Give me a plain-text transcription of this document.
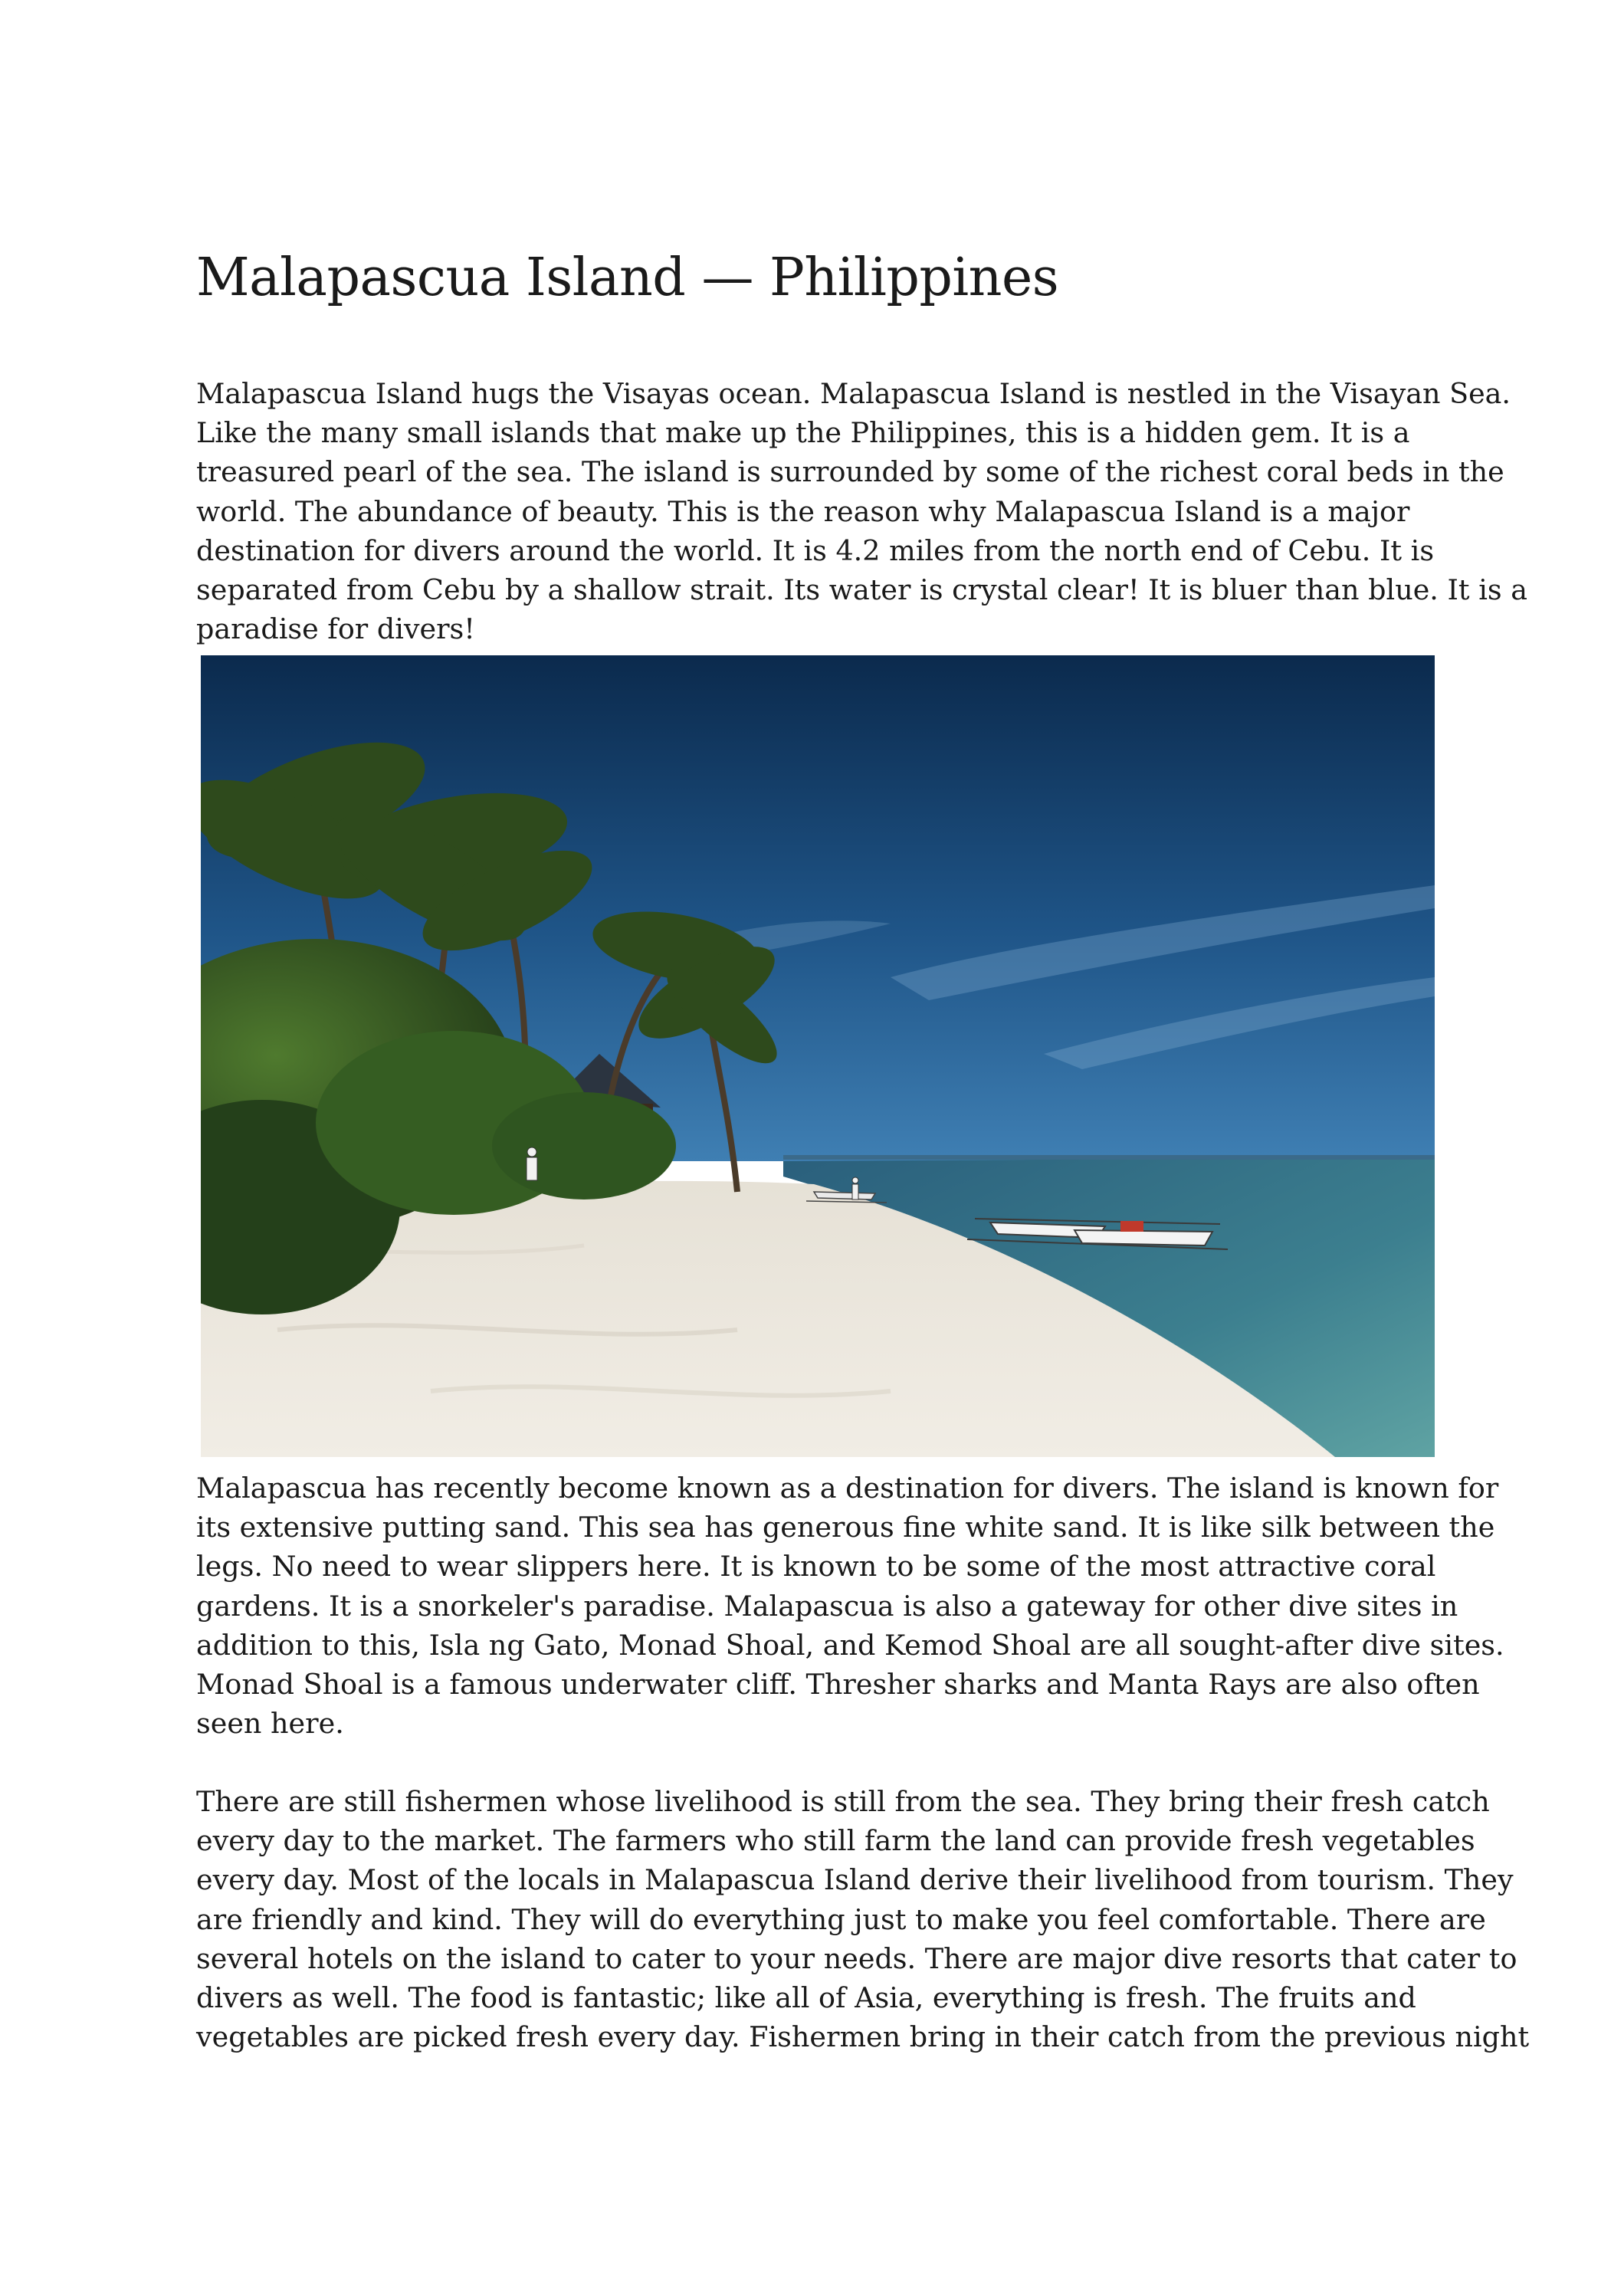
Malapascua Island — Philippines

Malapascua Island hugs the Visayas ocean. Malapascua Island is nestled in the Visayan Sea.
Like the many small islands that make up the Philippines, this is a hidden gem. It is a
treasured pearl of the sea. The island is surrounded by some of the richest coral beds in the
world. The abundance of beauty. This is the reason why Malapascua Island is a major
destination for divers around the world. It is 4.2 miles from the north end of Cebu. It is
separated from Cebu by a shallow strait. Its water is crystal clear! It is bluer than blue. It is a
paradise for divers!

Malapascua has recently become known as a destination for divers. The island is known for
its extensive putting sand. This sea has generous fine white sand. It is like silk between the
legs. No need to wear slippers here. It is known to be some of the most attractive coral
gardens. It is a snorkeler's paradise. Malapascua is also a gateway for other dive sites in
addition to this, Isla ng Gato, Monad Shoal, and Kemod Shoal are all sought-after dive sites.
Monad Shoal is a famous underwater cliff. Thresher sharks and Manta Rays are also often
seen here.

There are still fishermen whose livelihood is still from the sea. They bring their fresh catch
every day to the market. The farmers who still farm the land can provide fresh vegetables
every day. Most of the locals in Malapascua Island derive their livelihood from tourism. They
are friendly and kind. They will do everything just to make you feel comfortable. There are
several hotels on the island to cater to your needs. There are major dive resorts that cater to
divers as well. The food is fantastic; like all of Asia, everything is fresh. The fruits and
vegetables are picked fresh every day. Fishermen bring in their catch from the previous night
